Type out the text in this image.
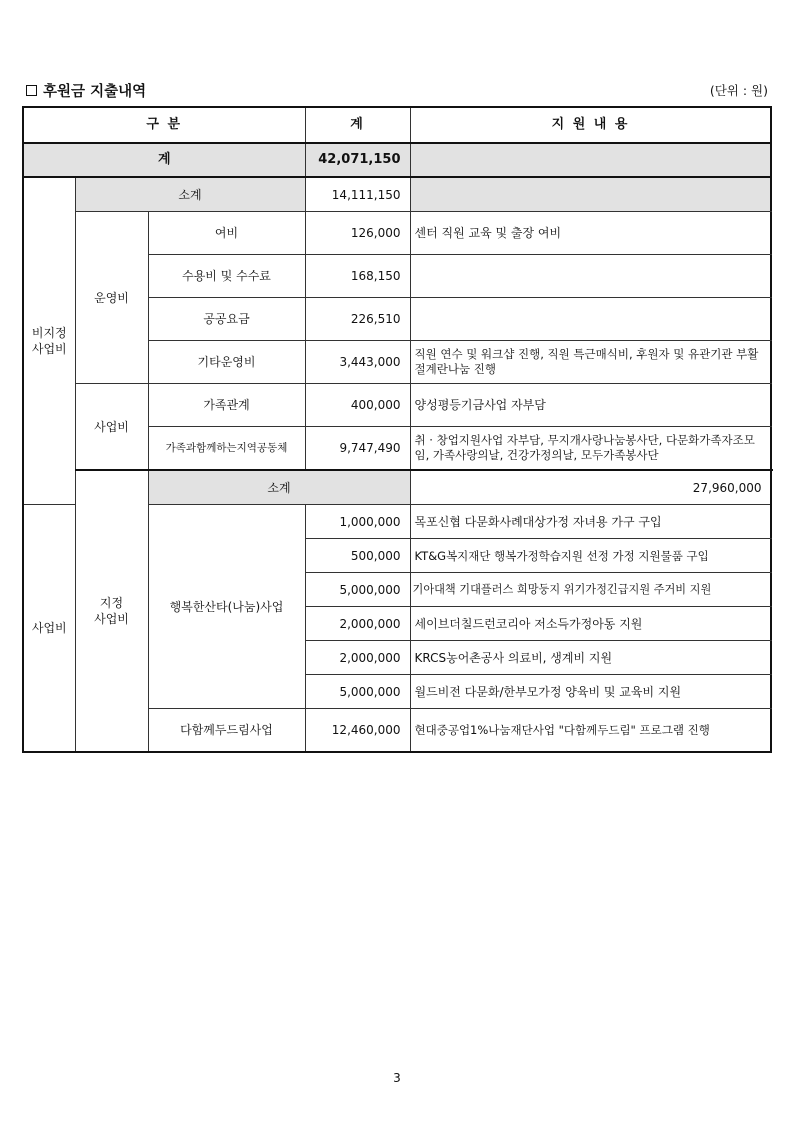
후원금 지출내역	(단위 : 원)
구 분			계	지 원 내 용	
계			42,071,150		
비지정
사업비	소계		14,111,150		
	운영비	여비	126,000	센터 직원 교육 및 출장 여비	
		수용비 및 수수료	168,150		
		공공요금	226,510		
		기타운영비	3,443,000	직원 연수 및 워크샵 진행, 직원 특근매식비, 후원자 및 유관기관 부활절계란나눔 진행	
	사업비	가족관계	400,000	양성평등기금사업 자부담	
		가족과함께하는지역공동체	9,747,490	취 · 창업지원사업 자부담, 무지개사랑나눔봉사단, 다문화가족자조모임, 가족사랑의날, 건강가정의날, 모두가족봉사단	
	지정
사업비	소계		27,960,000	
사업비		행복한산타(나눔)사업	1,000,000	목포신협 다문화사례대상가정 자녀용 가구 구입	
			500,000	KT&G복지재단 행복가정학습지원 선정 가정 지원물품 구입	
			5,000,000	기아대책 기대플러스 희망둥지 위기가정긴급지원 주거비 지원	
			2,000,000	세이브더칠드런코리아 저소득가정아동 지원	
			2,000,000	KRCS농어촌공사 의료비, 생계비 지원	
			5,000,000	월드비전 다문화/한부모가정 양육비 및 교육비 지원	
		다함께두드림사업	12,460,000	현대중공업1%나눔재단사업 "다함께두드림" 프로그램 진행	
3
